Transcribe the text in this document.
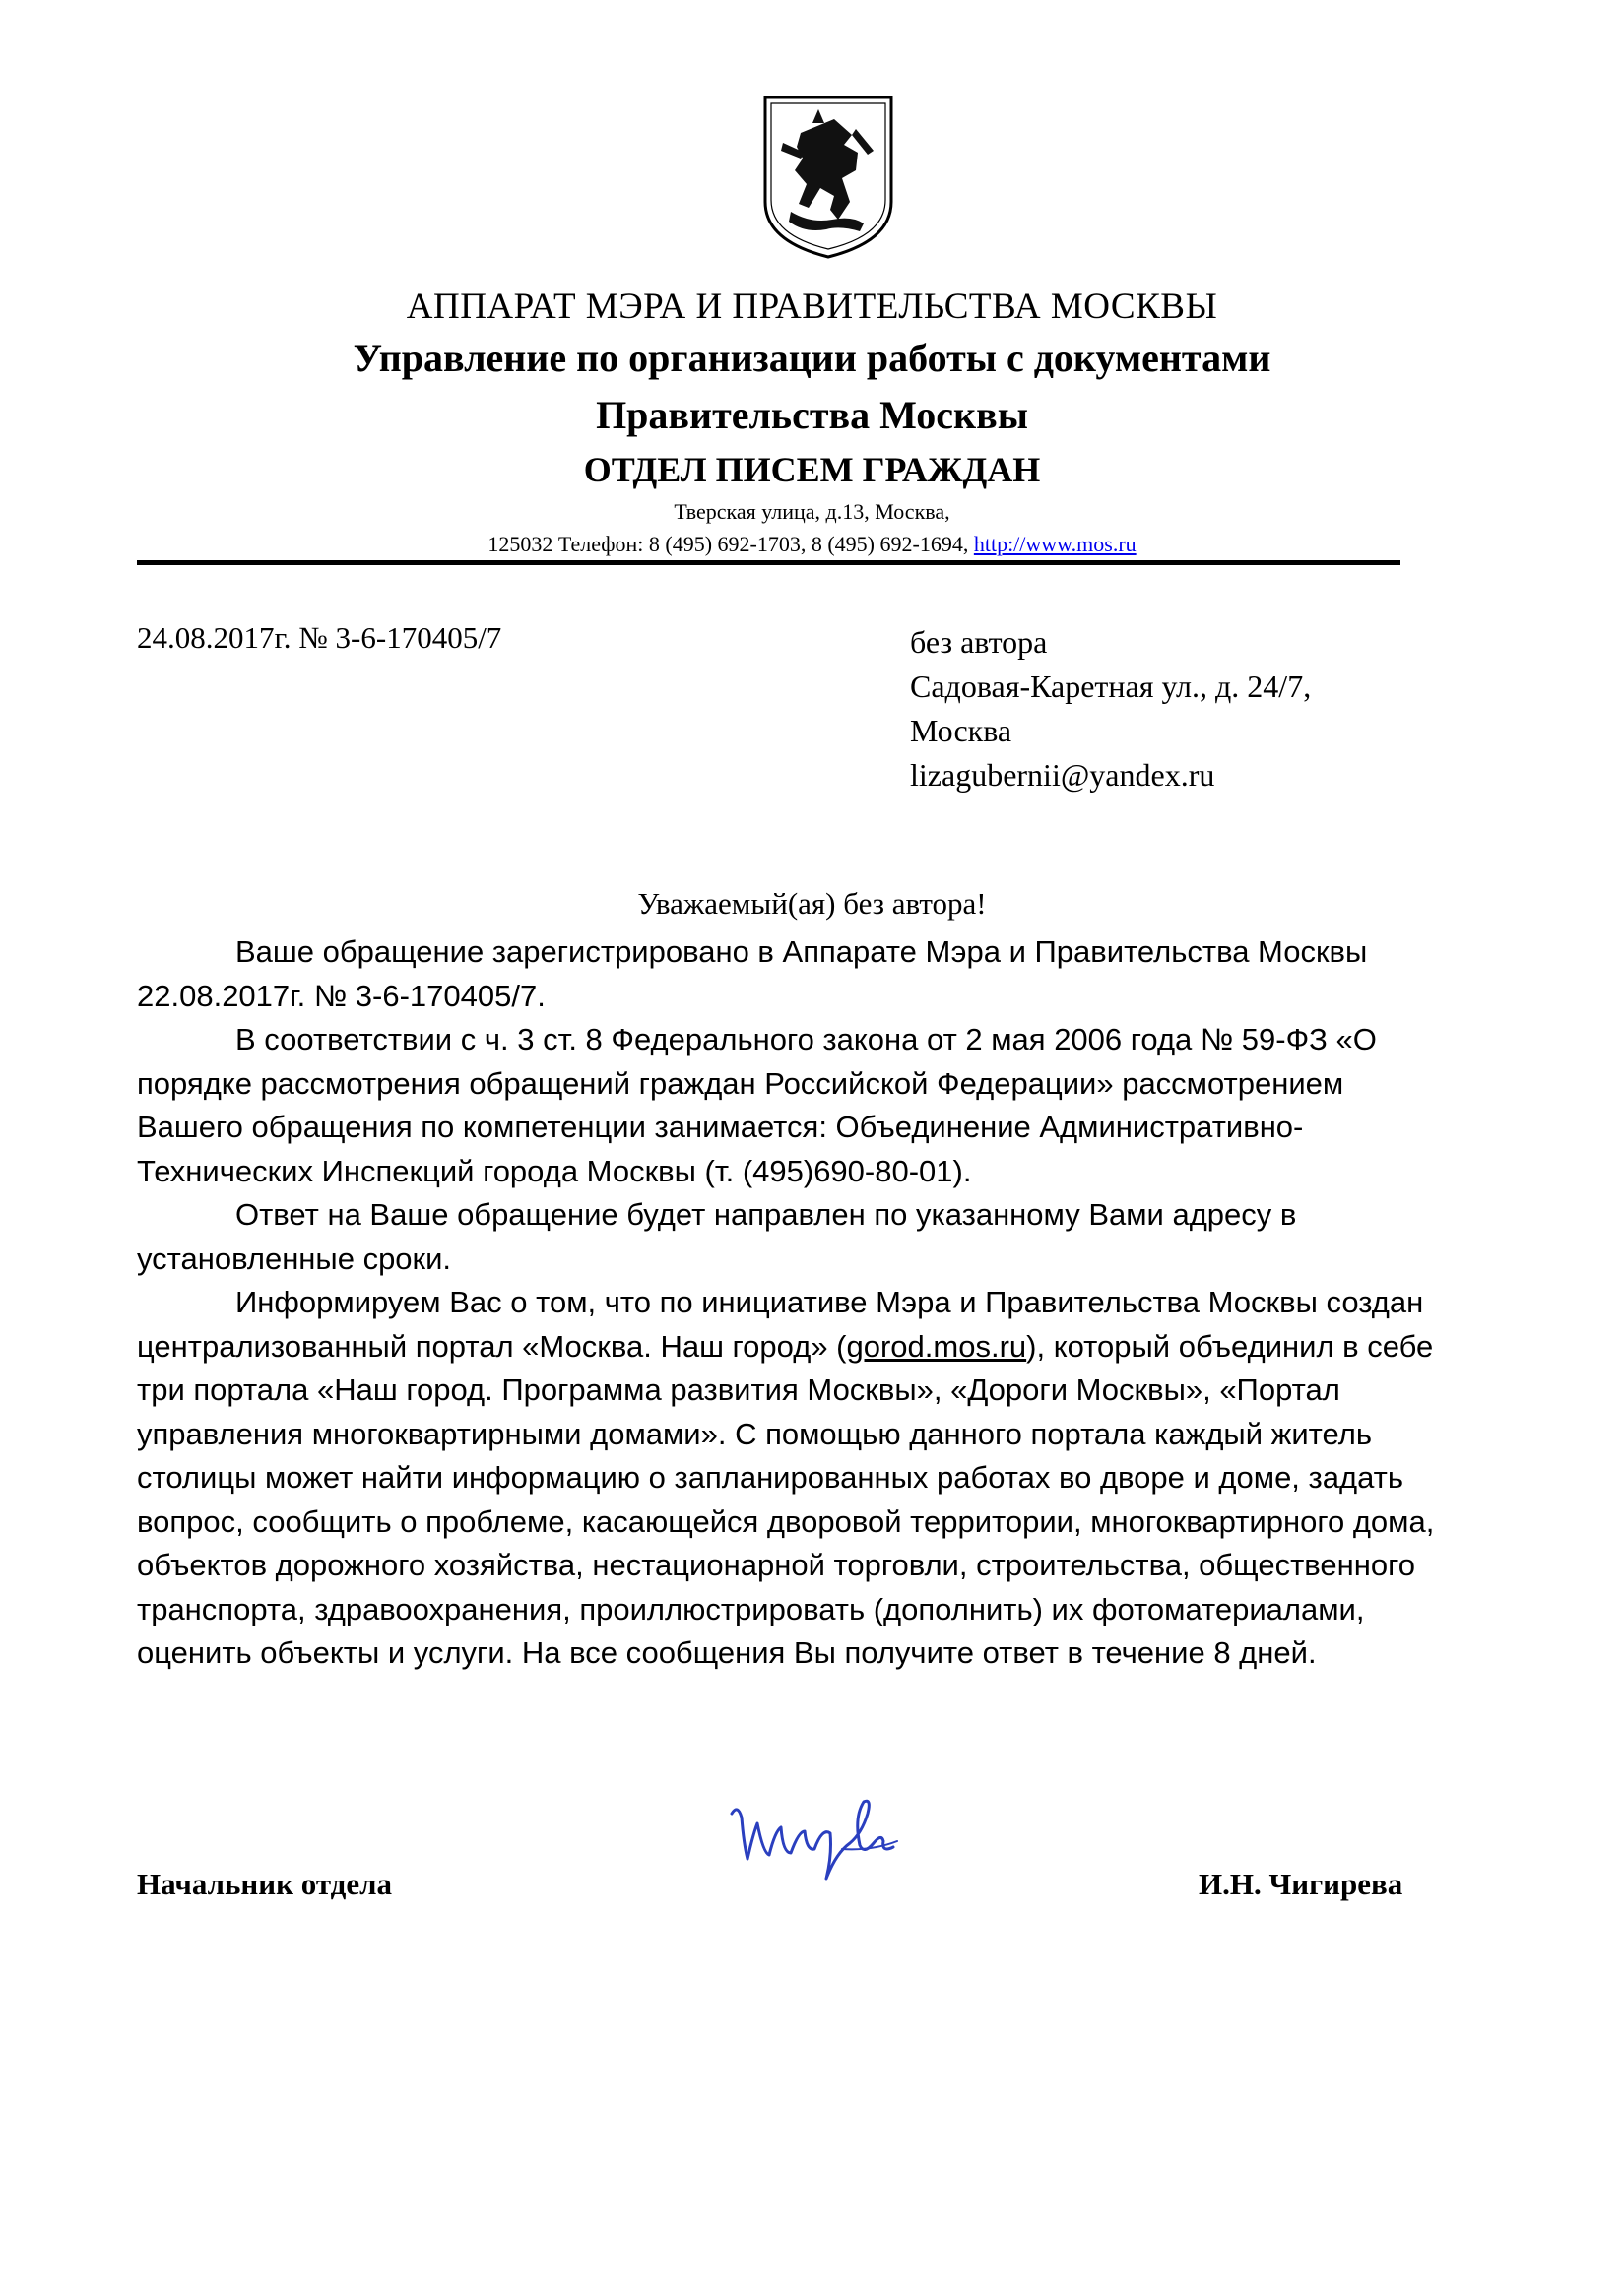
АППАРАТ МЭРА И ПРАВИТЕЛЬСТВА МОСКВЫ
Управление по организации работы с документами
Правительства Москвы
ОТДЕЛ ПИСЕМ ГРАЖДАН
Тверская улица, д.13, Москва,
125032 Телефон: 8 (495) 692-1703, 8 (495) 692-1694, http://www.mos.ru
24.08.2017г. № 3-6-170405/7	без автора
Садовая-Каретная ул., д. 24/7,
Москва
lizagubernii@yandex.ru
Уважаемый(ая) без автора!

Ваше обращение зарегистрировано в Аппарате Мэра и Правительства Москвы 22.08.2017г. № 3-6-170405/7.

В соответствии с ч. 3 ст. 8 Федерального закона от 2 мая 2006 года № 59-ФЗ «О порядке рассмотрения обращений граждан Российской Федерации» рассмотрением Вашего обращения по компетенции занимается: Объединение Административно-Технических Инспекций города Москвы (т. (495)690-80-01).

Ответ на Ваше обращение будет направлен по указанному Вами адресу в установленные сроки.

Информируем Вас о том, что по инициативе Мэра и Правительства Москвы создан централизованный портал «Москва. Наш город» (gorod.mos.ru), который объединил в себе три портала «Наш город. Программа развития Москвы», «Дороги Москвы», «Портал управления многоквартирными домами». С помощью данного портала каждый житель столицы может найти информацию о запланированных работах во дворе и доме, задать вопрос, сообщить о проблеме, касающейся дворовой территории, многоквартирного дома, объектов дорожного хозяйства, нестационарной торговли, строительства, общественного транспорта, здравоохранения, проиллюстрировать (дополнить) их фотоматериалами, оценить объекты и услуги. На все сообщения Вы получите ответ в течение 8 дней.

Начальник отдела	И.Н. Чигирева
